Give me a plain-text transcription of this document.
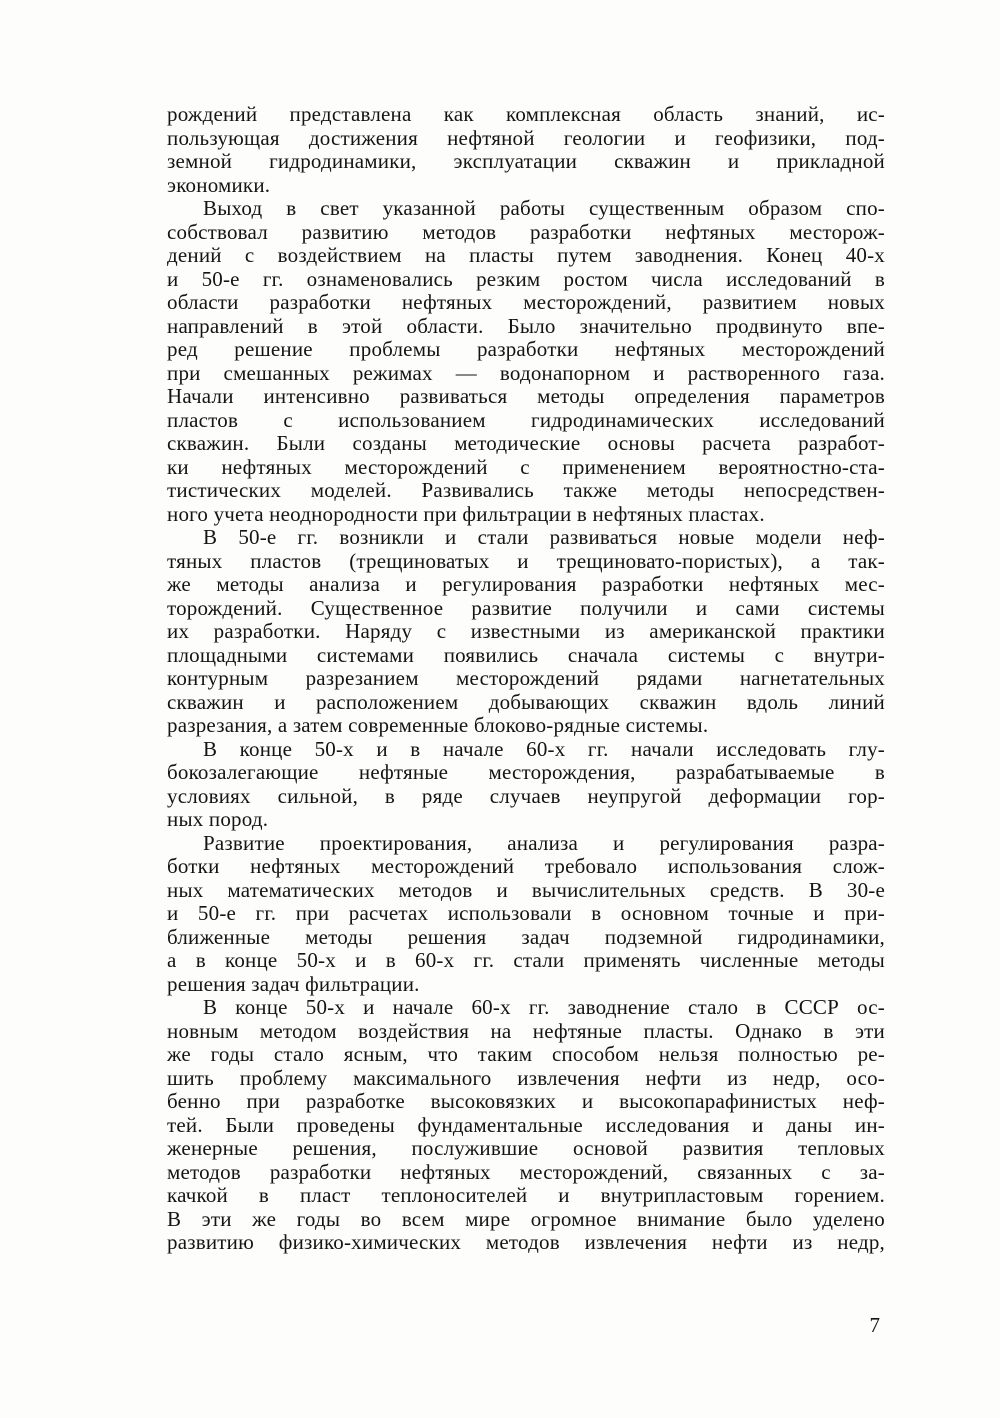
рождений представлена как комплексная область знаний, ис-
пользующая достижения нефтяной геологии и геофизики, под-
земной гидродинамики, эксплуатации скважин и прикладной
экономики.
Выход в свет указанной работы существенным образом спо-
собствовал развитию методов разработки нефтяных месторож-
дений с воздействием на пласты путем заводнения. Конец 40-х
и 50-е гг. ознаменовались резким ростом числа исследований в
области разработки нефтяных месторождений, развитием новых
направлений в этой области. Было значительно продвинуто впе-
ред решение проблемы разработки нефтяных месторождений
при смешанных режимах — водонапорном и растворенного газа.
Начали интенсивно развиваться методы определения параметров
пластов с использованием гидродинамических исследований
скважин. Были созданы методические основы расчета разработ-
ки нефтяных месторождений с применением вероятностно-ста-
тистических моделей. Развивались также методы непосредствен-
ного учета неоднородности при фильтрации в нефтяных пластах.
В 50-е гг. возникли и стали развиваться новые модели неф-
тяных пластов (трещиноватых и трещиновато-пористых), а так-
же методы анализа и регулирования разработки нефтяных мес-
торождений. Существенное развитие получили и сами системы
их разработки. Наряду с известными из американской практики
площадными системами появились сначала системы с внутри-
контурным разрезанием месторождений рядами нагнетательных
скважин и расположением добывающих скважин вдоль линий
разрезания, а затем современные блоково-рядные системы.
В конце 50-х и в начале 60-х гг. начали исследовать глу-
бокозалегающие нефтяные месторождения, разрабатываемые в
условиях сильной, в ряде случаев неупругой деформации гор-
ных пород.
Развитие проектирования, анализа и регулирования разра-
ботки нефтяных месторождений требовало использования слож-
ных математических методов и вычислительных средств. В 30-е
и 50-е гг. при расчетах использовали в основном точные и при-
ближенные методы решения задач подземной гидродинамики,
а в конце 50-х и в 60-х гг. стали применять численные методы
решения задач фильтрации.
В конце 50-х и начале 60-х гг. заводнение стало в СССР ос-
новным методом воздействия на нефтяные пласты. Однако в эти
же годы стало ясным, что таким способом нельзя полностью ре-
шить проблему максимального извлечения нефти из недр, осо-
бенно при разработке высоковязких и высокопарафинистых неф-
тей. Были проведены фундаментальные исследования и даны ин-
женерные решения, послужившие основой развития тепловых
методов разработки нефтяных месторождений, связанных с за-
качкой в пласт теплоносителей и внутрипластовым горением.
В эти же годы во всем мире огромное внимание было уделено
развитию физико-химических методов извлечения нефти из недр,
7
